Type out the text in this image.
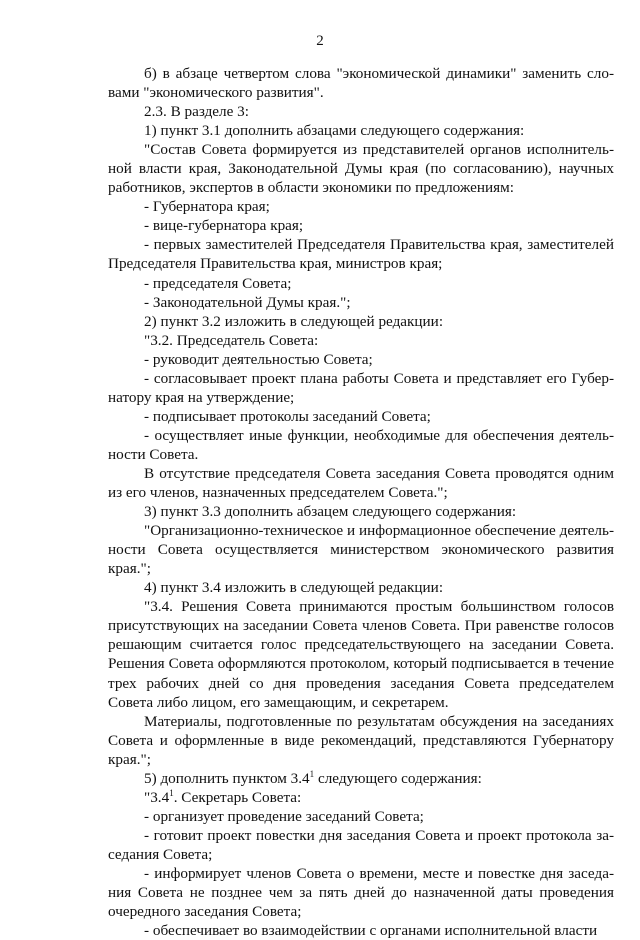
2

б) в абзаце четвертом слова "экономической динамики" заменить словами "экономического развития".

2.3. В разделе 3:

1) пункт 3.1 дополнить абзацами следующего содержания:

"Состав Совета формируется из представителей органов исполнительной власти края, Законодательной Думы края (по согласованию), научных работников, экспертов в области экономики по предложениям:

- Губернатора края;

- вице-губернатора края;

- первых заместителей Председателя Правительства края, заместителей Председателя Правительства края, министров края;

- председателя Совета;

- Законодательной Думы края.";

2) пункт 3.2 изложить в следующей редакции:

"3.2. Председатель Совета:

- руководит деятельностью Совета;

- согласовывает проект плана работы Совета и представляет его Губернатору края на утверждение;

- подписывает протоколы заседаний Совета;

- осуществляет иные функции, необходимые для обеспечения деятельности Совета.

В отсутствие председателя Совета заседания Совета проводятся одним из его членов, назначенных председателем Совета.";

3) пункт 3.3 дополнить абзацем следующего содержания:

"Организационно-техническое и информационное обеспечение деятельности Совета осуществляется министерством экономического развития края.";

4) пункт 3.4 изложить в следующей редакции:

"3.4. Решения Совета принимаются простым большинством голосов присутствующих на заседании Совета членов Совета. При равенстве голосов решающим считается голос председательствующего на заседании Совета. Решения Совета оформляются протоколом, который подписывается в течение трех рабочих дней со дня проведения заседания Совета председателем Совета либо лицом, его замещающим, и секретарем.

Материалы, подготовленные по результатам обсуждения на заседаниях Совета и оформленные в виде рекомендаций, представляются Губернатору края.";

5) дополнить пунктом $3.4^1$ следующего содержания:

"$3.4^1$. Секретарь Совета:

- организует проведение заседаний Совета;

- готовит проект повестки дня заседания Совета и проект протокола заседания Совета;

- информирует членов Совета о времени, месте и повестке дня заседания Совета не позднее чем за пять дней до назначенной даты проведения очередного заседания Совета;

- обеспечивает во взаимодействии с органами исполнительной власти
